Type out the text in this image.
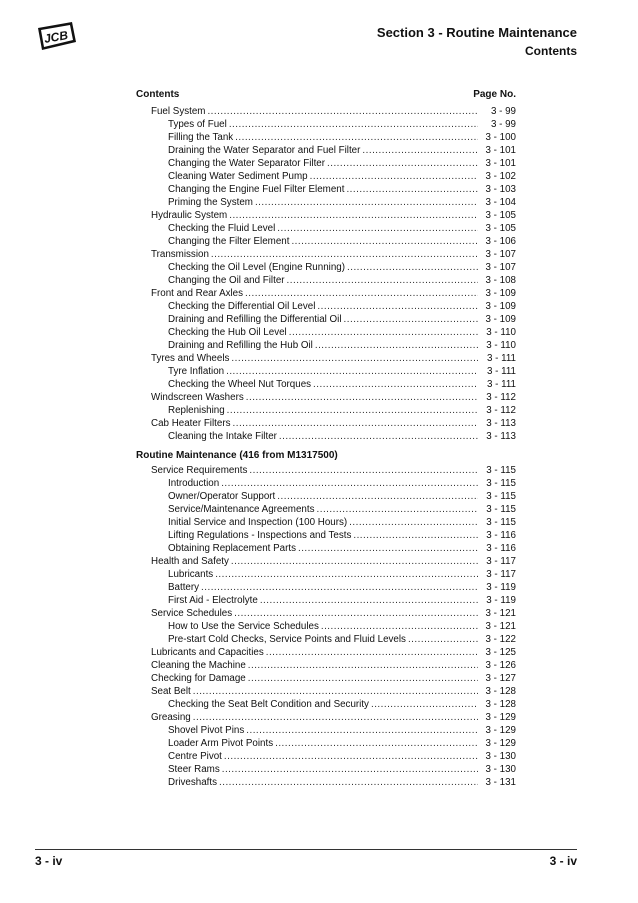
JCB	Section 3 - Routine Maintenance
Contents
Contents	Page No.
Fuel System .....	3 - 99
Types of Fuel .....	3 - 99
Filling the Tank .....	3 - 100
Draining the Water Separator and Fuel Filter .....	3 - 101
Changing the Water Separator Filter .....	3 - 101
Cleaning Water Sediment Pump .....	3 - 102
Changing the Engine Fuel Filter Element .....	3 - 103
Priming the System .....	3 - 104
Hydraulic System .....	3 - 105
Checking the Fluid Level .....	3 - 105
Changing the Filter Element .....	3 - 106
Transmission .....	3 - 107
Checking the Oil Level (Engine Running) .....	3 - 107
Changing the Oil and Filter .....	3 - 108
Front and Rear Axles .....	3 - 109
Checking the Differential Oil Level .....	3 - 109
Draining and Refilling the Differential Oil .....	3 - 109
Checking the Hub Oil Level .....	3 - 110
Draining and Refilling the Hub Oil .....	3 - 110
Tyres and Wheels .....	3 - 111
Tyre Inflation .....	3 - 111
Checking the Wheel Nut Torques .....	3 - 111
Windscreen Washers .....	3 - 112
Replenishing .....	3 - 112
Cab Heater Filters .....	3 - 113
Cleaning the Intake Filter .....	3 - 113
Routine Maintenance (416 from M1317500)
Service Requirements .....	3 - 115
Introduction .....	3 - 115
Owner/Operator Support .....	3 - 115
Service/Maintenance Agreements .....	3 - 115
Initial Service and Inspection (100 Hours) .....	3 - 115
Lifting Regulations - Inspections and Tests .....	3 - 116
Obtaining Replacement Parts .....	3 - 116
Health and Safety .....	3 - 117
Lubricants .....	3 - 117
Battery .....	3 - 119
First Aid - Electrolyte .....	3 - 119
Service Schedules .....	3 - 121
How to Use the Service Schedules .....	3 - 121
Pre-start Cold Checks, Service Points and Fluid Levels .....	3 - 122
Lubricants and Capacities .....	3 - 125
Cleaning the Machine .....	3 - 126
Checking for Damage .....	3 - 127
Seat Belt .....	3 - 128
Checking the Seat Belt Condition and Security .....	3 - 128
Greasing .....	3 - 129
Shovel Pivot Pins .....	3 - 129
Loader Arm Pivot Points .....	3 - 129
Centre Pivot .....	3 - 130
Steer Rams .....	3 - 130
Driveshafts .....	3 - 131
3 - iv	3 - iv
